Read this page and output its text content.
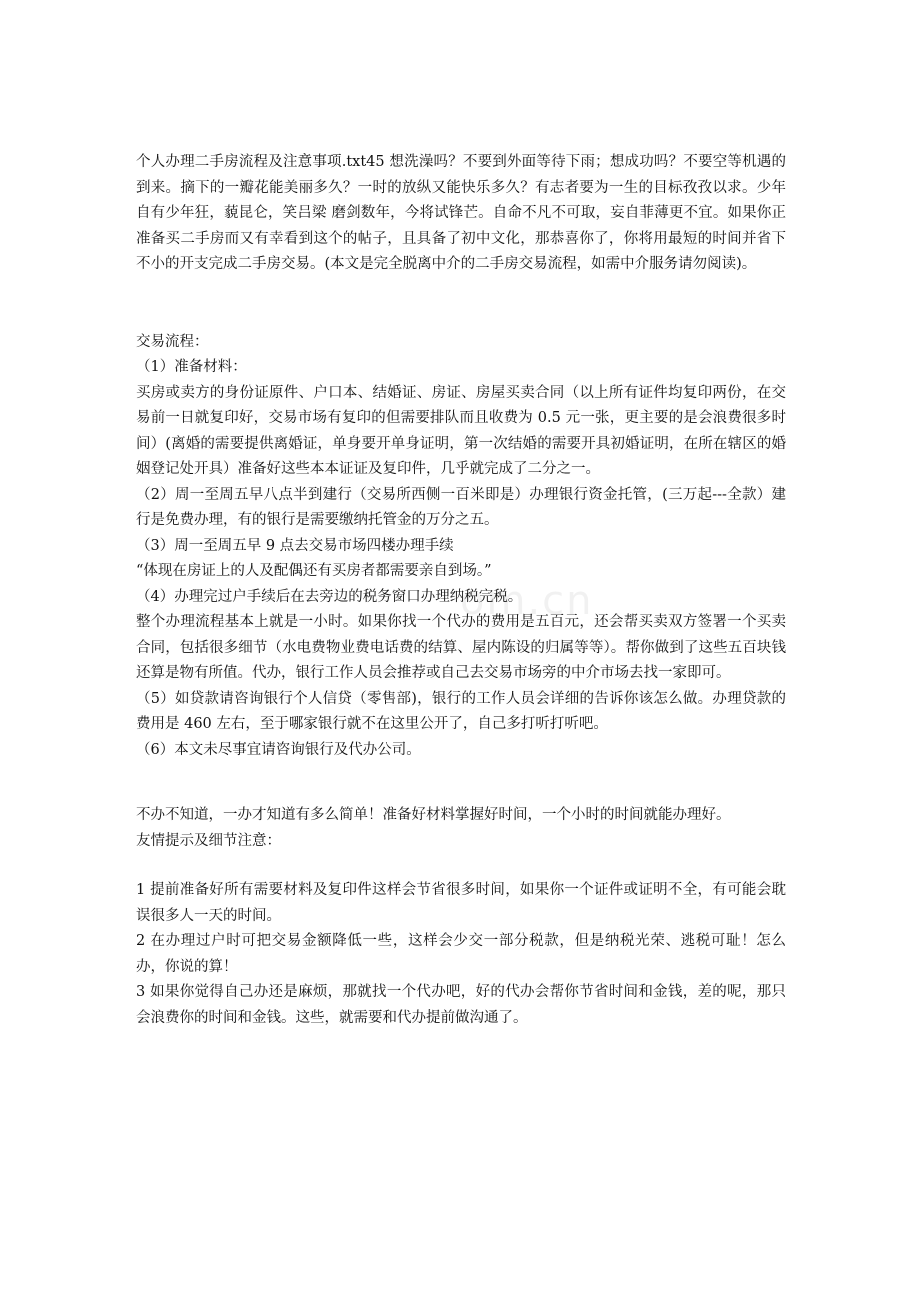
om.cn

个人办理二手房流程及注意事项.txt45 想洗澡吗？不要到外面等待下雨；想成功吗？不要空等机遇的到来。摘下的一瓣花能美丽多久？一时的放纵又能快乐多久？有志者要为一生的目标孜孜以求。少年自有少年狂，藐昆仑，笑吕梁 磨剑数年，今将试锋芒。自命不凡不可取，妄自菲薄更不宜。如果你正准备买二手房而又有幸看到这个的帖子，且具备了初中文化，那恭喜你了，你将用最短的时间并省下不小的开支完成二手房交易。(本文是完全脱离中介的二手房交易流程，如需中介服务请勿阅读)。

交易流程：

（1）准备材料：

买房或卖方的身份证原件、户口本、结婚证、房证、房屋买卖合同（以上所有证件均复印两份，在交易前一日就复印好，交易市场有复印的但需要排队而且收费为 0.5 元一张，更主要的是会浪费很多时间）(离婚的需要提供离婚证，单身要开单身证明，第一次结婚的需要开具初婚证明，在所在辖区的婚姻登记处开具）准备好这些本本证证及复印件，几乎就完成了二分之一。

（2）周一至周五早八点半到建行（交易所西侧一百米即是）办理银行资金托管，(三万起---全款）建行是免费办理，有的银行是需要缴纳托管金的万分之五。

（3）周一至周五早 9 点去交易市场四楼办理手续

“体现在房证上的人及配偶还有买房者都需要亲自到场。”

（4）办理完过户手续后在去旁边的税务窗口办理纳税完税。

整个办理流程基本上就是一小时。如果你找一个代办的费用是五百元，还会帮买卖双方签署一个买卖合同，包括很多细节（水电费物业费电话费的结算、屋内陈设的归属等等）。帮你做到了这些五百块钱还算是物有所值。代办，银行工作人员会推荐或自己去交易市场旁的中介市场去找一家即可。

（5）如贷款请咨询银行个人信贷（零售部)，银行的工作人员会详细的告诉你该怎么做。办理贷款的费用是 460 左右，至于哪家银行就不在这里公开了，自己多打听打听吧。

（6）本文未尽事宜请咨询银行及代办公司。

不办不知道，一办才知道有多么简单！准备好材料掌握好时间，一个小时的时间就能办理好。

友情提示及细节注意：

1 提前准备好所有需要材料及复印件这样会节省很多时间，如果你一个证件或证明不全，有可能会耽误很多人一天的时间。

2 在办理过户时可把交易金额降低一些，这样会少交一部分税款，但是纳税光荣、逃税可耻！怎么办，你说的算！

3 如果你觉得自己办还是麻烦，那就找一个代办吧，好的代办会帮你节省时间和金钱，差的呢，那只会浪费你的时间和金钱。这些，就需要和代办提前做沟通了。
